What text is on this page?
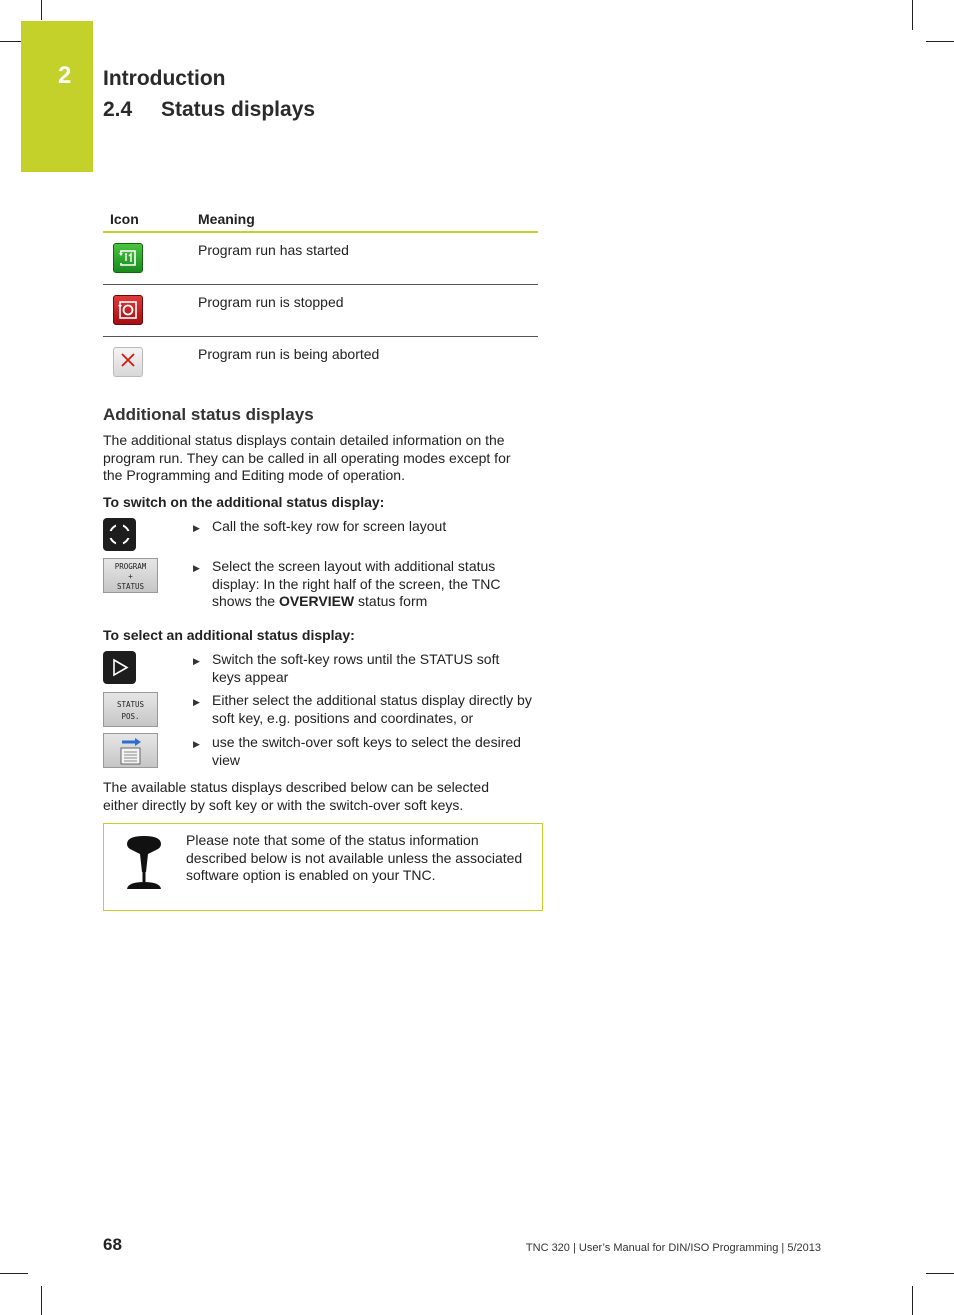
2 Introduction
2.4 Status displays
Icon	Meaning
Program run has started
Program run is stopped
Program run is being aborted
Additional status displays
The additional status displays contain detailed information on the program run. They can be called in all operating modes except for the Programming and Editing mode of operation.
To switch on the additional status display:
▶ Call the soft-key row for screen layout
PROGRAM
+
STATUS
▶ Select the screen layout with additional status display: In the right half of the screen, the TNC shows the OVERVIEW status form
To select an additional status display:
▶ Switch the soft-key rows until the STATUS soft keys appear
STATUS
POS.
▶ Either select the additional status display directly by soft key, e.g. positions and coordinates, or
▶ use the switch-over soft keys to select the desired view
The available status displays described below can be selected either directly by soft key or with the switch-over soft keys.
Please note that some of the status information described below is not available unless the associated software option is enabled on your TNC.
68	TNC 320 | User’s Manual for DIN/ISO Programming | 5/2013
